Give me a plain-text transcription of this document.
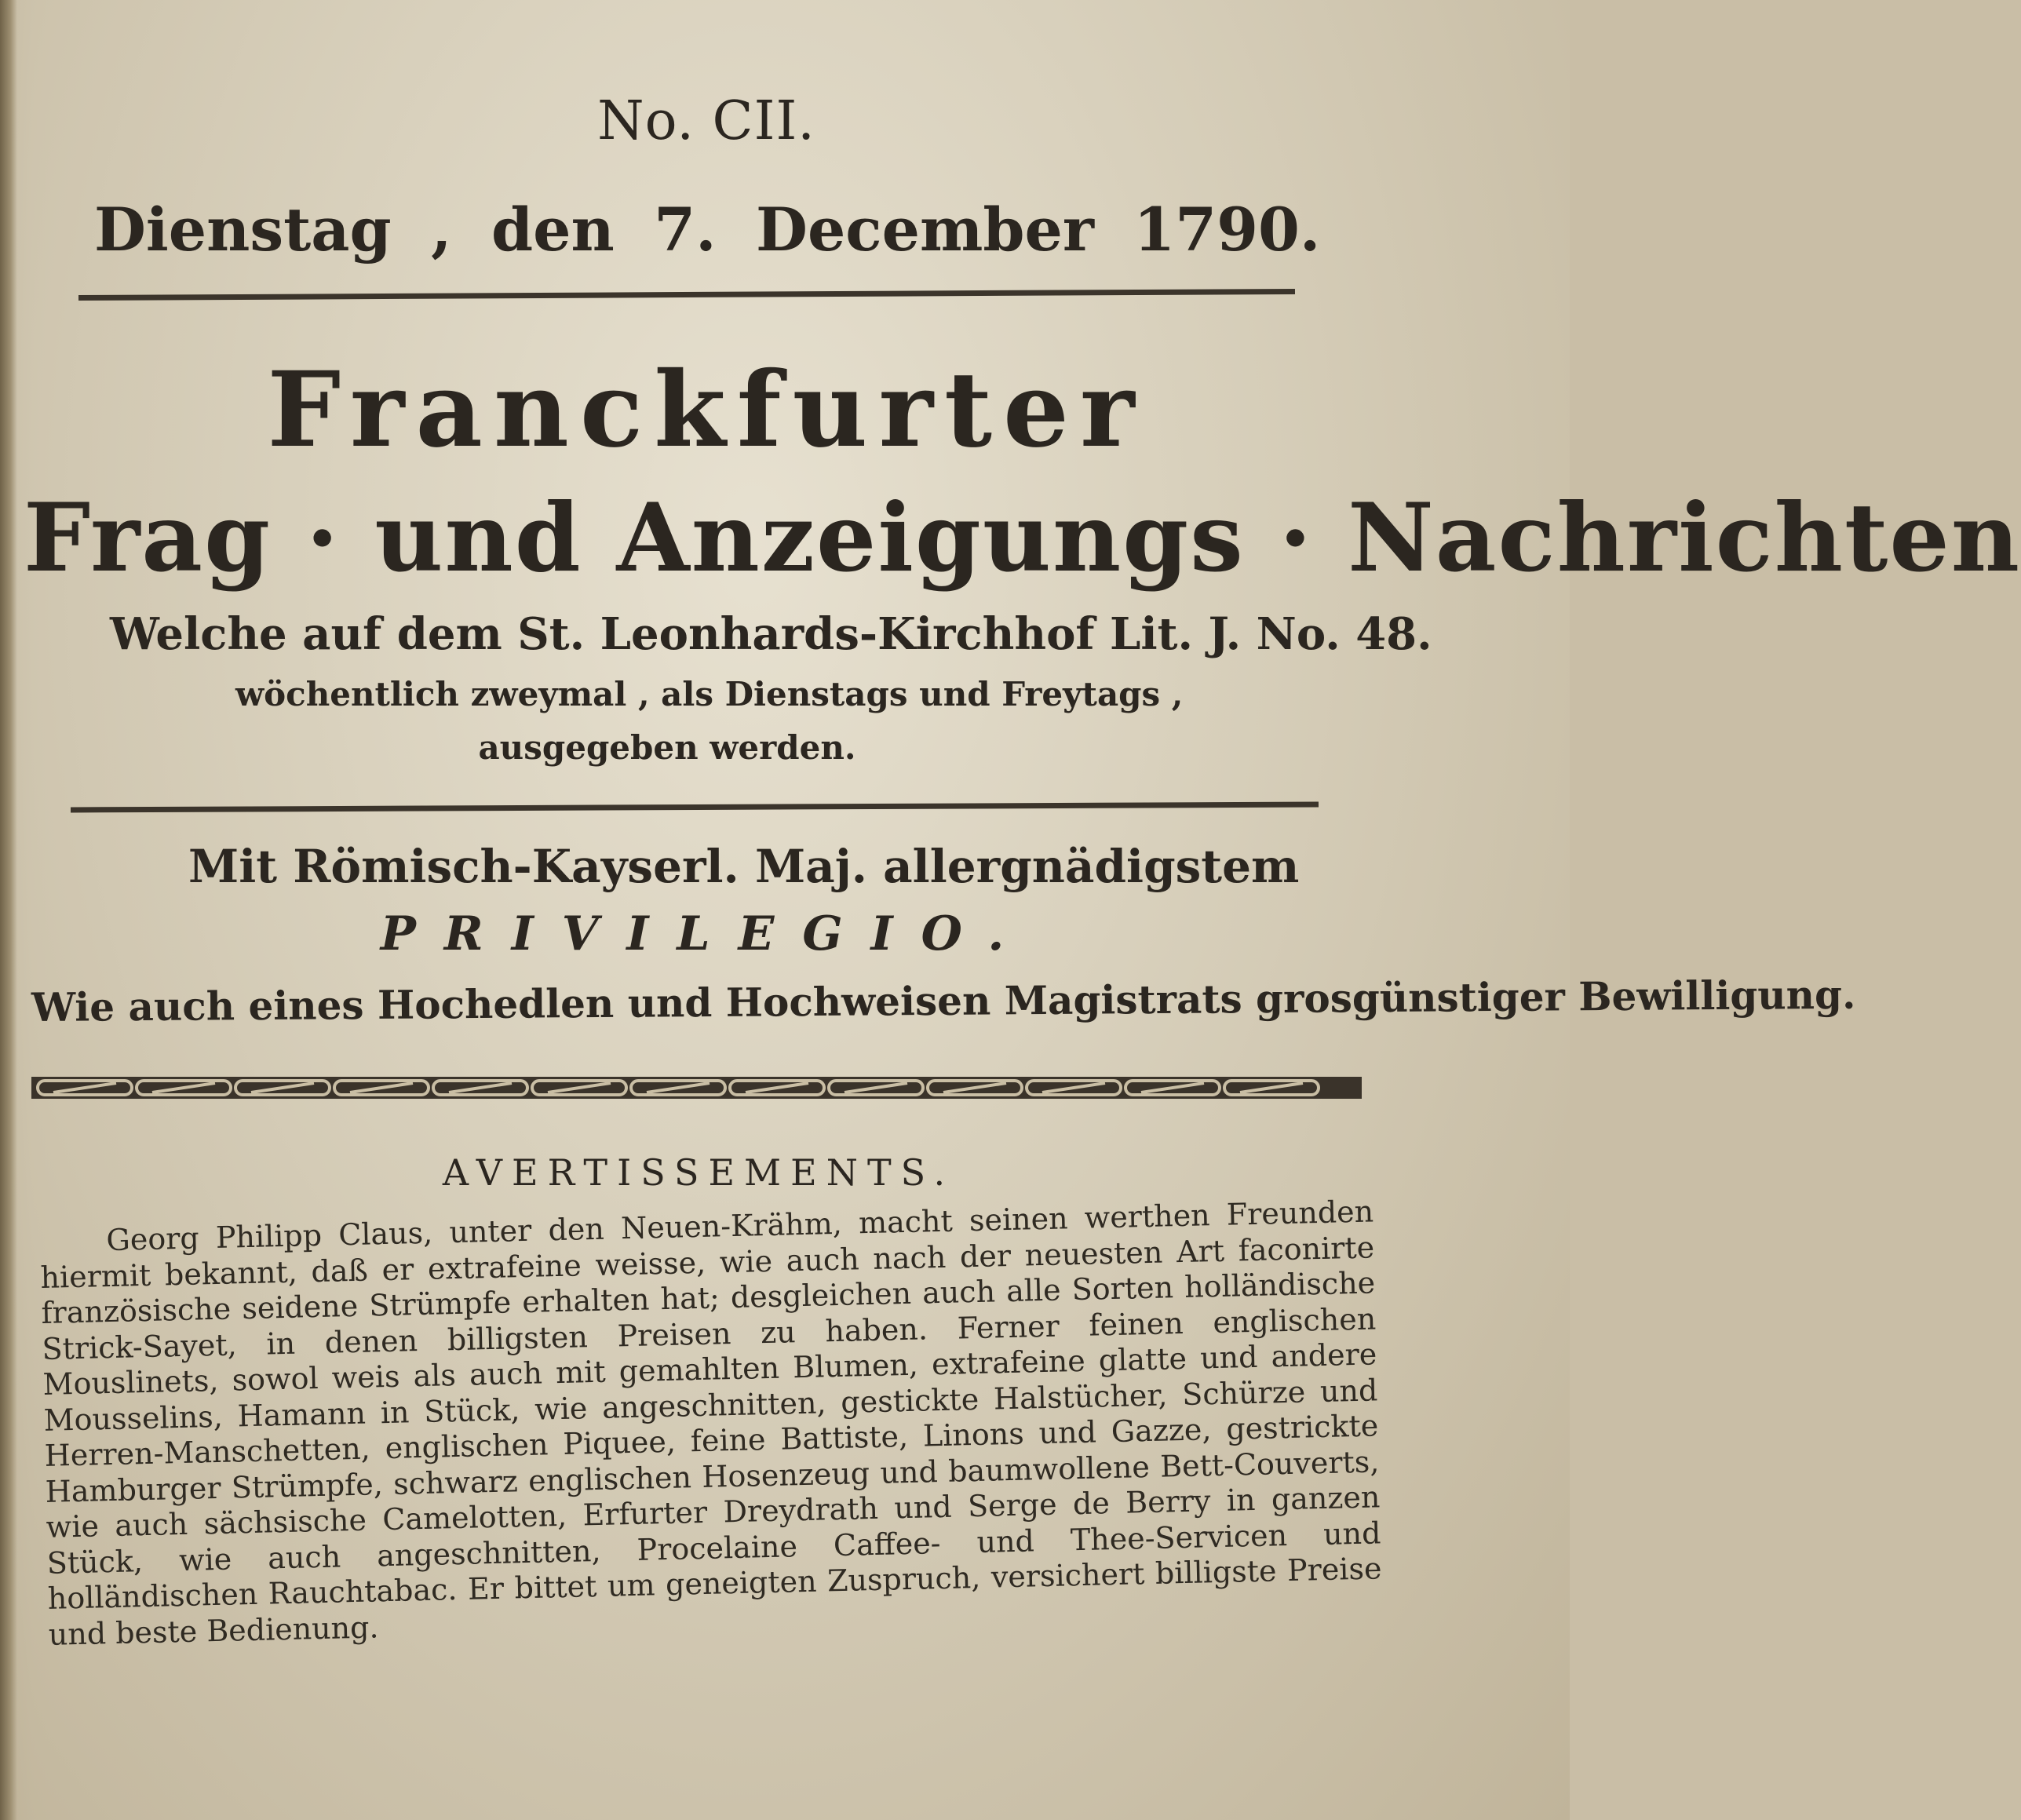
No. CII.
Dienstag , den 7. December 1790.
Franckfurter
Frag · und Anzeigungs · Nachrichten
Welche auf dem St. Leonhards-Kirchhof Lit. J. No. 48.
wöchentlich zweymal , als Dienstags und Freytags ,
ausgegeben werden.
Mit Römisch-Kayserl. Maj. allergnädigstem
PRIVILEGIO.
Wie auch eines Hochedlen und Hochweisen Magistrats grosgünstiger Bewilligung.
AVERTISSEMENTS.
Georg Philipp Claus, unter den Neuen-Krähm, macht seinen werthen Freunden hiermit bekannt, daß er extrafeine weisse, wie auch nach der neuesten Art faconirte französische seidene Strümpfe erhalten hat; desgleichen auch alle Sorten holländische Strick-Sayet, in denen billigsten Preisen zu haben. Ferner feinen englischen Mouslinets, sowol weis als auch mit gemahlten Blumen, extrafeine glatte und andere Mousselins, Hamann in Stück, wie angeschnitten, gestickte Halstücher, Schürze und Herren-Manschetten, englischen Piquee, feine Battiste, Linons und Gazze, gestrickte Hamburger Strümpfe, schwarz englischen Hosenzeug und baumwollene Bett-Couverts, wie auch sächsische Camelotten, Erfurter Dreydrath und Serge de Berry in ganzen Stück, wie auch angeschnitten, Procelaine Caffee- und Thee-Servicen und holländischen Rauchtabac. Er bittet um geneigten Zuspruch, versichert billigste Preise und beste Bedienung.
